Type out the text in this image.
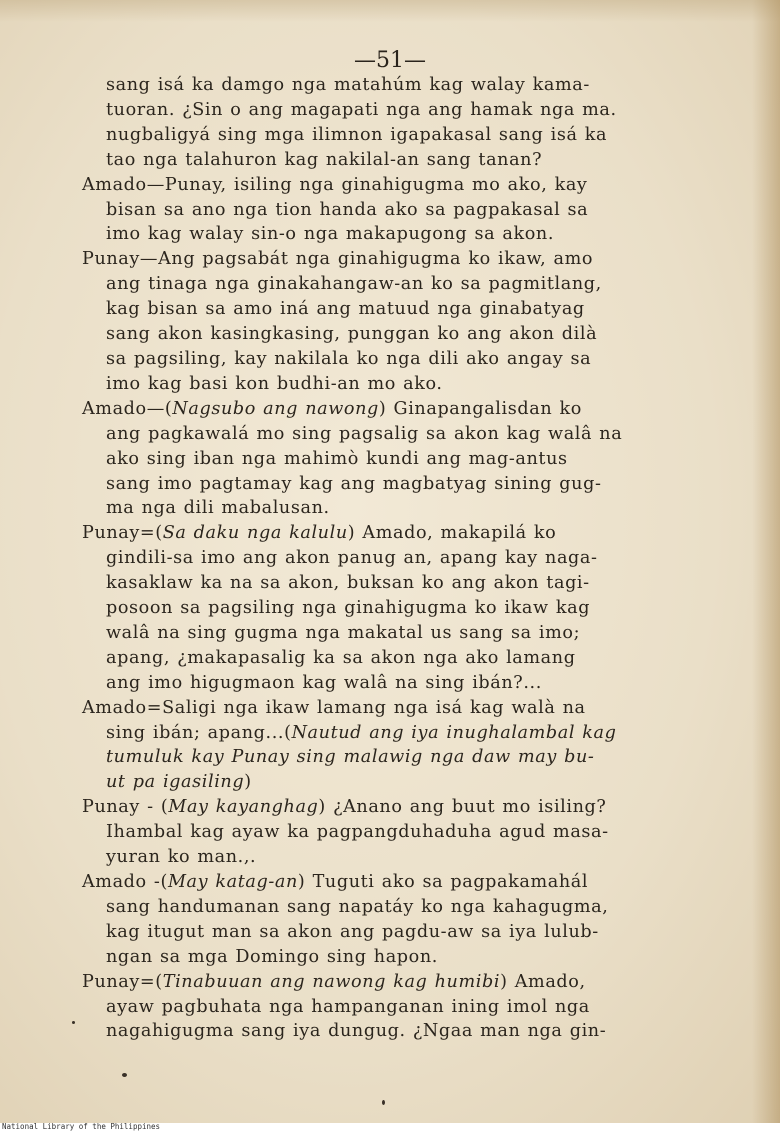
—51—
sang isá ka damgo nga matahúm kag walay kama-
tuoran. ¿Sin o ang magapati nga ang hamak nga ma.
nugbaligyá sing mga ilimnon igapakasal sang isá ka
tao nga talahuron kag nakilal-an sang tanan?
Amado—Punay, isiling nga ginahigugma mo ako, kay
bisan sa ano nga tion handa ako sa pagpakasal sa
imo kag walay sin-o nga makapugong sa akon.
Punay—Ang pagsabát nga ginahigugma ko ikaw, amo
ang tinaga nga ginakahangaw-an ko sa pagmitlang,
kag bisan sa amo iná ang matuud nga ginabatyag
sang akon kasingkasing, punggan ko ang akon dilà
sa pagsiling, kay nakilala ko nga dili ako angay sa
imo kag basi kon budhi-an mo ako.
Amado—(Nagsubo ang nawong) Ginapangalisdan ko
ang pagkawalá mo sing pagsalig sa akon kag walâ na
ako sing iban nga mahimò kundi ang mag-antus
sang imo pagtamay kag ang magbatyag sining gug-
ma nga dili mabalusan.
Punay=(Sa daku nga kalulu) Amado, makapilá ko
gindili-sa imo ang akon panug an, apang kay naga-
kasaklaw ka na sa akon, buksan ko ang akon tagi-
posoon sa pagsiling nga ginahigugma ko ikaw kag
walâ na sing gugma nga makatal us sang sa imo;
apang, ¿makapasalig ka sa akon nga ako lamang
ang imo higugmaon kag walâ na sing ibán?...
Amado=Saligi nga ikaw lamang nga isá kag walà na
sing ibán; apang...(Nautud ang iya inughalambal kag
tumuluk kay Punay sing malawig nga daw may bu-
ut pa igasiling)
Punay - (May kayanghag) ¿Anano ang buut mo isiling?
Ihambal kag ayaw ka pagpangduhaduha agud masa-
yuran ko man.,.
Amado -(May katag-an) Tuguti ako sa pagpakamahál
sang handumanan sang napatáy ko nga kahagugma,
kag itugut man sa akon ang pagdu-aw sa iya lulub-
ngan sa mga Domingo sing hapon.
Punay=(Tinabuuan ang nawong kag humibi) Amado,
ayaw pagbuhata nga hampanganan ining imol nga
nagahigugma sang iya dungug. ¿Ngaa man nga gin-
National Library of the Philippines
